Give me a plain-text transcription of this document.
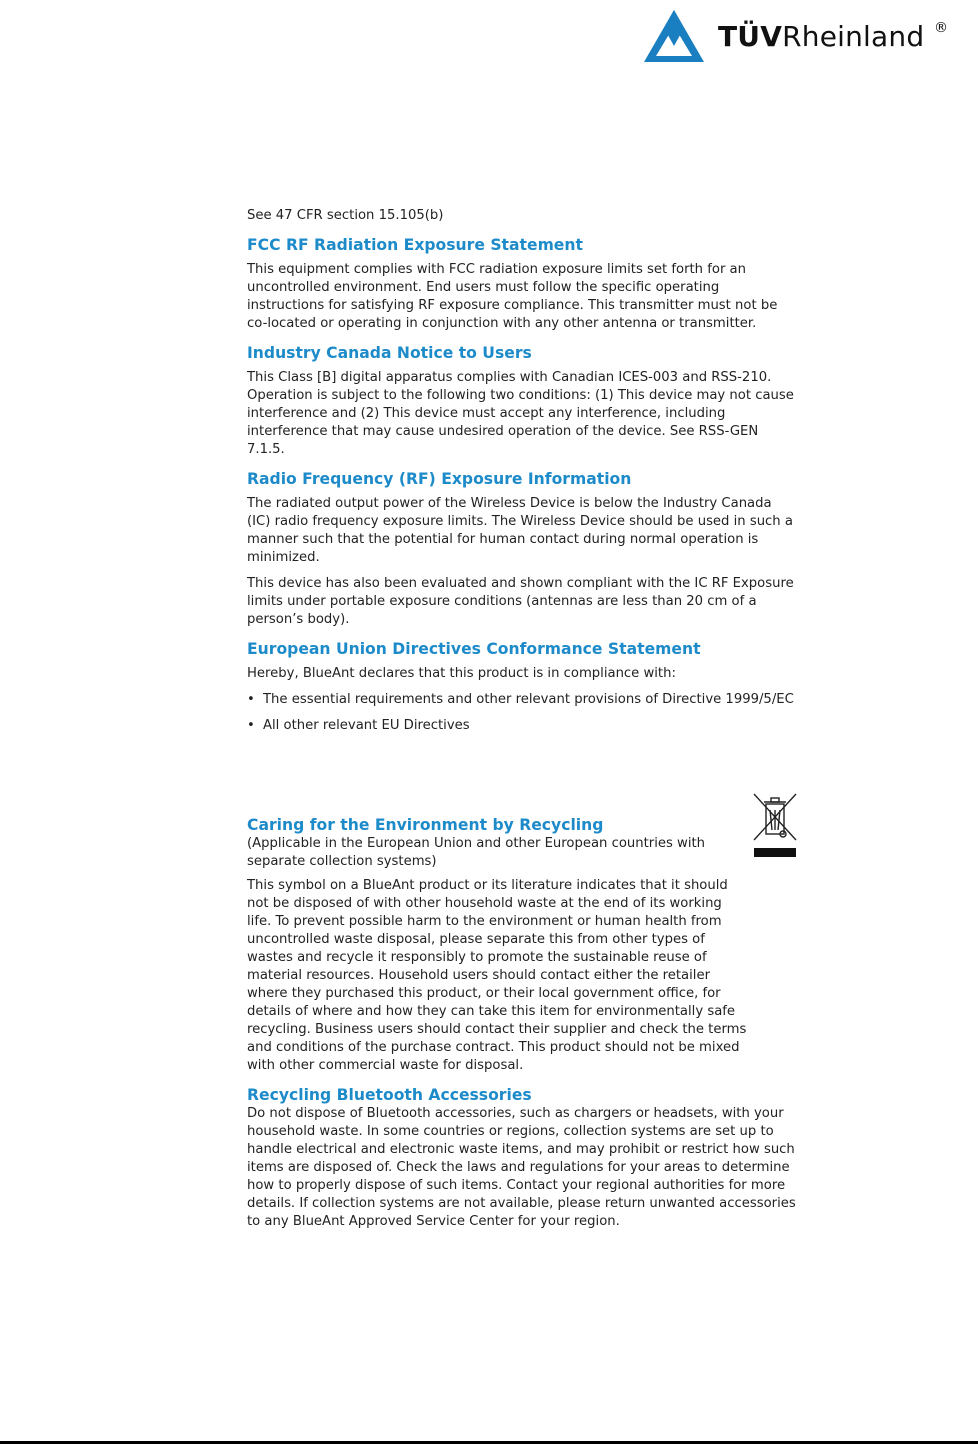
TÜVRheinland ®

See 47 CFR section 15.105(b)

FCC RF Radiation Exposure Statement

This equipment complies with FCC radiation exposure limits set forth for an uncontrolled environment. End users must follow the specific operating instructions for satisfying RF exposure compliance. This transmitter must not be co-located or operating in conjunction with any other antenna or transmitter.

Industry Canada Notice to Users

This Class [B] digital apparatus complies with Canadian ICES-003 and RSS-210. Operation is subject to the following two conditions: (1) This device may not cause interference and (2) This device must accept any interference, including interference that may cause undesired operation of the device. See RSS-GEN 7.1.5.

Radio Frequency (RF) Exposure Information

The radiated output power of the Wireless Device is below the Industry Canada (IC) radio frequency exposure limits. The Wireless Device should be used in such a manner such that the potential for human contact during normal operation is minimized.

This device has also been evaluated and shown compliant with the IC RF Exposure limits under portable exposure conditions (antennas are less than 20 cm of a person’s body).

European Union Directives Conformance Statement

Hereby, BlueAnt declares that this product is in compliance with:

• The essential requirements and other relevant provisions of Directive 1999/5/EC
• All other relevant EU Directives
Caring for the Environment by Recycling

(Applicable in the European Union and other European countries with separate collection systems)

This symbol on a BlueAnt product or its literature indicates that it should not be disposed of with other household waste at the end of its working life. To prevent possible harm to the environment or human health from uncontrolled waste disposal, please separate this from other types of wastes and recycle it responsibly to promote the sustainable reuse of material resources. Household users should contact either the retailer where they purchased this product, or their local government office, for details of where and how they can take this item for environmentally safe recycling. Business users should contact their supplier and check the terms and conditions of the purchase contract. This product should not be mixed with other commercial waste for disposal.

Recycling Bluetooth Accessories

Do not dispose of Bluetooth accessories, such as chargers or headsets, with your household waste. In some countries or regions, collection systems are set up to handle electrical and electronic waste items, and may prohibit or restrict how such items are disposed of. Check the laws and regulations for your areas to determine how to properly dispose of such items. Contact your regional authorities for more details. If collection systems are not available, please return unwanted accessories to any BlueAnt Approved Service Center for your region.
